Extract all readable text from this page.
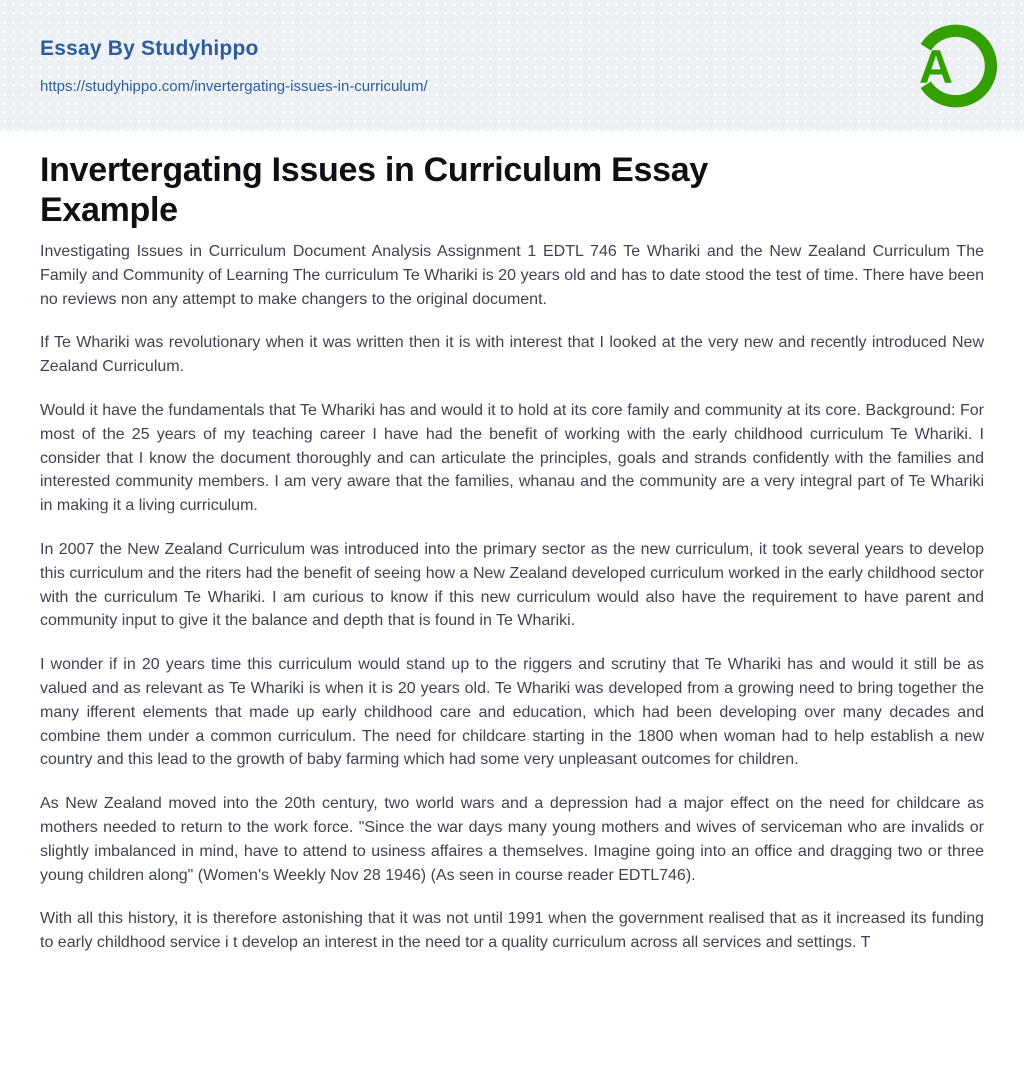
Essay By Studyhippo
https://studyhippo.com/invertergating-issues-in-curriculum/	A
Invertergating Issues in Curriculum Essay
Example

Investigating Issues in Curriculum Document Analysis Assignment 1 EDTL 746 Te Whariki and the New Zealand Curriculum The Family and Community of Learning The curriculum Te Whariki is 20 years old and has to date stood the test of time. There have been no reviews non any attempt to make changers to the original document.

If Te Whariki was revolutionary when it was written then it is with interest that I looked at the very new and recently introduced New Zealand Curriculum.

Would it have the fundamentals that Te Whariki has and would it to hold at its core family and community at its core. Background: For most of the 25 years of my teaching career I have had the benefit of working with the early childhood curriculum Te Whariki. I consider that I know the document thoroughly and can articulate the principles, goals and strands confidently with the families and interested community members. I am very aware that the families, whanau and the community are a very integral part of Te Whariki in making it a living curriculum.

In 2007 the New Zealand Curriculum was introduced into the primary sector as the new curriculum, it took several years to develop this curriculum and the riters had the benefit of seeing how a New Zealand developed curriculum worked in the early childhood sector with the curriculum Te Whariki. I am curious to know if this new curriculum would also have the requirement to have parent and community input to give it the balance and depth that is found in Te Whariki.

I wonder if in 20 years time this curriculum would stand up to the riggers and scrutiny that Te Whariki has and would it still be as valued and as relevant as Te Whariki is when it is 20 years old. Te Whariki was developed from a growing need to bring together the many ifferent elements that made up early childhood care and education, which had been developing over many decades and combine them under a common curriculum. The need for childcare starting in the 1800 when woman had to help establish a new country and this lead to the growth of baby farming which had some very unpleasant outcomes for children.

As New Zealand moved into the 20th century, two world wars and a depression had a major effect on the need for childcare as mothers needed to return to the work force. "Since the war days many young mothers and wives of serviceman who are invalids or slightly imbalanced in mind, have to attend to usiness affaires a themselves. Imagine going into an office and dragging two or three young children along" (Women's Weekly Nov 28 1946) (As seen in course reader EDTL746).

With all this history, it is therefore astonishing that it was not until 1991 when the government realised that as it increased its funding to early childhood service i t develop an interest in the need tor a quality curriculum across all services and settings. T
